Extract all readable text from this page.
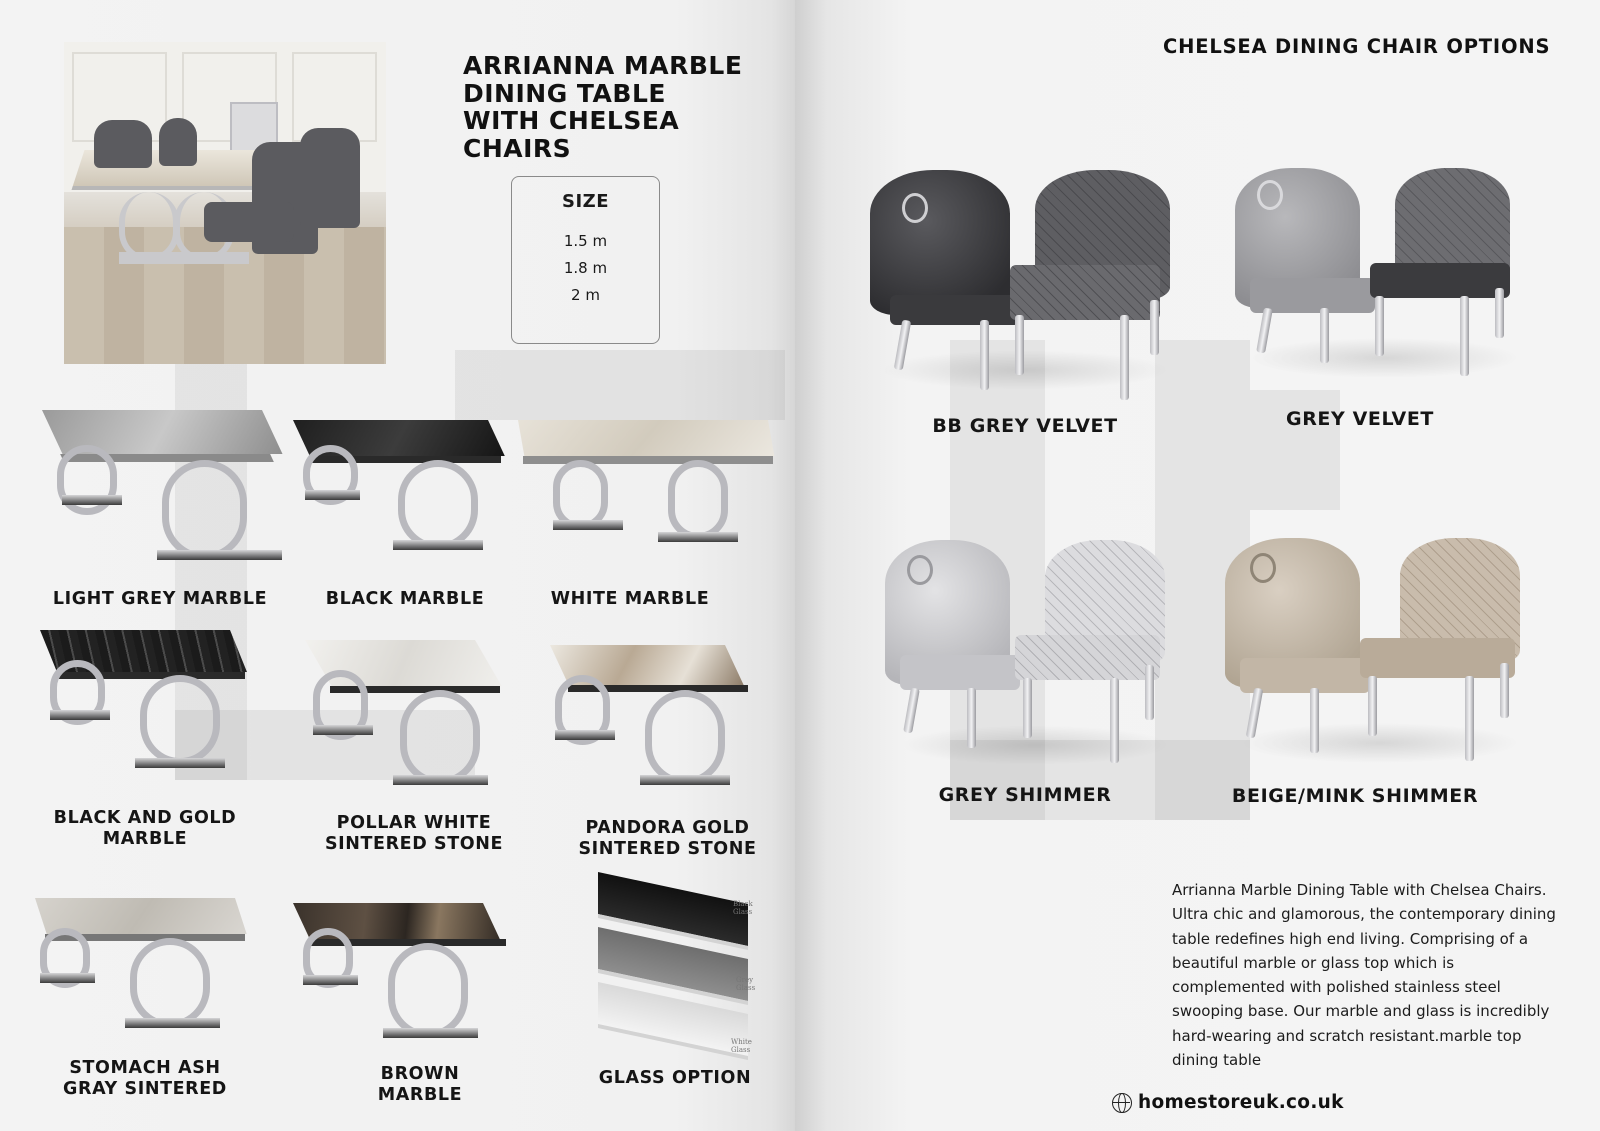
ARRIANNA MARBLE
DINING TABLE
WITH CHELSEA
CHAIRS
SIZE
1.5 m
1.8 m
2 m
Black Glass
Grey Glass
White Glass
LIGHT GREY MARBLE	BLACK MARBLE	WHITE MARBLE
BLACK AND GOLD
MARBLE
POLLAR WHITE
SINTERED STONE
PANDORA GOLD
SINTERED STONE
STOMACH ASH
GRAY SINTERED
BROWN
MARBLE
GLASS OPTION
CHELSEA DINING CHAIR OPTIONS
BB GREY VELVET	GREY VELVET
GREY SHIMMER	BEIGE/MINK SHIMMER
Arrianna Marble Dining Table with Chelsea Chairs. Ultra chic and glamorous, the contemporary dining table redefines high end living. Comprising of a beautiful marble or glass top which is complemented with polished stainless steel swooping base. Our marble and glass is incredibly hard-wearing and scratch resistant.marble top dining table
homestoreuk.co.uk
